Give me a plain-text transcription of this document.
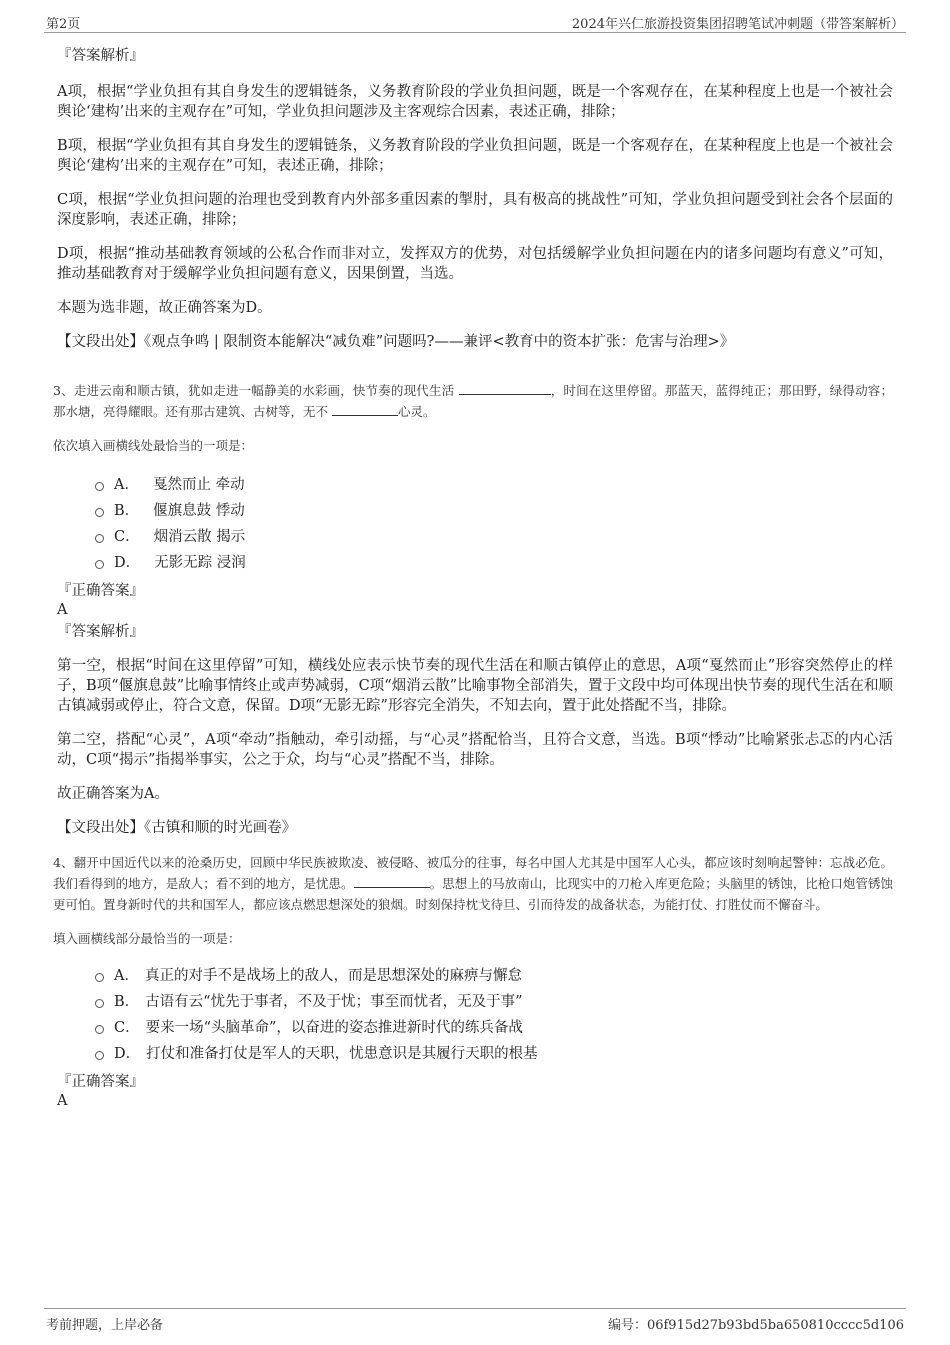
第2页	2024年兴仁旅游投资集团招聘笔试冲刺题（带答案解析）

『答案解析』

A项，根据“学业负担有其自身发生的逻辑链条，义务教育阶段的学业负担问题，既是一个客观存在，在某种程度上也是一个被社会舆论‘建构’出来的主观存在”可知，学业负担问题涉及主客观综合因素，表述正确，排除；

B项，根据“学业负担有其自身发生的逻辑链条，义务教育阶段的学业负担问题，既是一个客观存在，在某种程度上也是一个被社会舆论‘建构’出来的主观存在”可知，表述正确，排除；

C项，根据“学业负担问题的治理也受到教育内外部多重因素的掣肘，具有极高的挑战性”可知，学业负担问题受到社会各个层面的深度影响，表述正确，排除；

D项，根据“推动基础教育领域的公私合作而非对立，发挥双方的优势，对包括缓解学业负担问题在内的诸多问题均有意义”可知，推动基础教育对于缓解学业负担问题有意义，因果倒置，当选。

本题为选非题，故正确答案为D。

【文段出处】《观点争鸣 | 限制资本能解决“减负难”问题吗?——兼评<教育中的资本扩张：危害与治理>》

3、走进云南和顺古镇，犹如走进一幅静美的水彩画，快节奏的现代生活	，时间在这里停留。那蓝天，蓝得纯正；那田野，绿得动容；那水塘，亮得耀眼。还有那古建筑、古树等，无不	心灵。

依次填入画横线处最恰当的一项是：

A． 戛然而止 牵动
B． 偃旗息鼓 悸动
C． 烟消云散 揭示
D． 无影无踪 浸润

『正确答案』

A

『答案解析』

第一空，根据“时间在这里停留”可知，横线处应表示快节奏的现代生活在和顺古镇停止的意思，A项“戛然而止”形容突然停止的样子，B项“偃旗息鼓”比喻事情终止或声势减弱，C项“烟消云散”比喻事物全部消失，置于文段中均可体现出快节奏的现代生活在和顺古镇减弱或停止，符合文意，保留。D项“无影无踪”形容完全消失，不知去向，置于此处搭配不当，排除。

第二空，搭配“心灵”，A项“牵动”指触动，牵引动摇，与“心灵”搭配恰当，且符合文意，当选。B项“悸动”比喻紧张忐忑的内心活动，C项“揭示”指揭举事实，公之于众，均与“心灵”搭配不当，排除。

故正确答案为A。

【文段出处】《古镇和顺的时光画卷》

4、翻开中国近代以来的沧桑历史，回顾中华民族被欺凌、被侵略、被瓜分的往事，每名中国人尤其是中国军人心头，都应该时刻响起警钟：忘战必危。我们看得到的地方，是敌人；看不到的地方，是忧患。	。思想上的马放南山，比现实中的刀枪入库更危险；头脑里的锈蚀，比枪口炮管锈蚀更可怕。置身新时代的共和国军人，都应该点燃思想深处的狼烟。时刻保持枕戈待旦、引而待发的战备状态，为能打仗、打胜仗而不懈奋斗。

填入画横线部分最恰当的一项是：

A． 真正的对手不是战场上的敌人，而是思想深处的麻痹与懈怠
B． 古语有云“忧先于事者，不及于忧；事至而忧者，无及于事”
C． 要来一场“头脑革命”，以奋进的姿态推进新时代的练兵备战
D． 打仗和准备打仗是军人的天职，忧患意识是其履行天职的根基

『正确答案』

A

考前押题，上岸必备	编号：06f915d27b93bd5ba650810cccc5d106
